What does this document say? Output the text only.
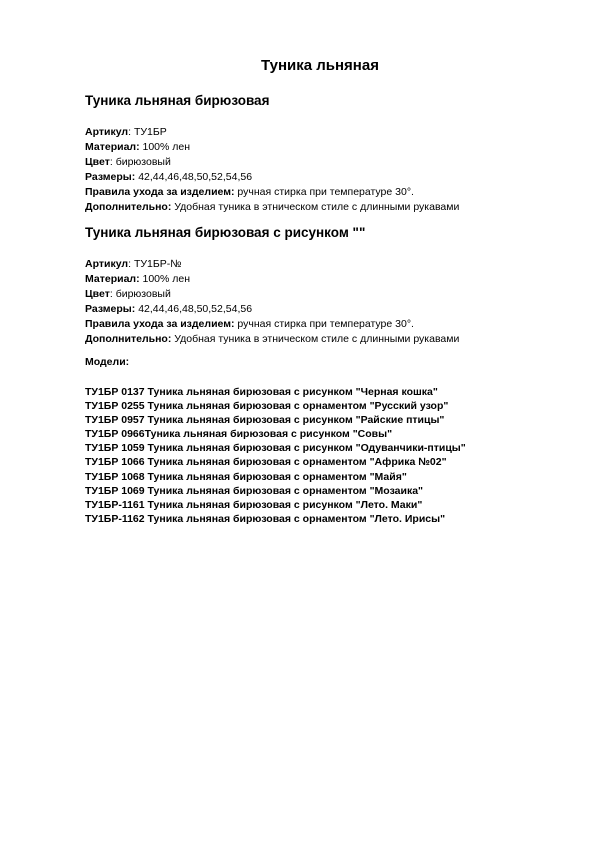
Туника льняная
Туника льняная бирюзовая
Артикул: ТУ1БР
Материал: 100% лен
Цвет: бирюзовый
Размеры: 42,44,46,48,50,52,54,56
Правила ухода за изделием: ручная стирка при температуре 30°.
Дополнительно: Удобная туника в этническом стиле с длинными рукавами
Туника льняная бирюзовая с рисунком ""
Артикул: ТУ1БР-№
Материал: 100% лен
Цвет: бирюзовый
Размеры: 42,44,46,48,50,52,54,56
Правила ухода за изделием: ручная стирка при температуре 30°.
Дополнительно: Удобная туника в этническом стиле с длинными рукавами
Модели:
ТУ1БР 0137 Туника льняная бирюзовая с рисунком "Черная кошка"
ТУ1БР 0255 Туника льняная бирюзовая с орнаментом "Русский узор"
ТУ1БР 0957 Туника льняная бирюзовая с рисунком "Райские птицы"
ТУ1БР 0966Туника льняная бирюзовая с рисунком "Совы"
ТУ1БР 1059 Туника льняная бирюзовая с рисунком "Одуванчики-птицы"
ТУ1БР 1066 Туника льняная бирюзовая с орнаментом "Африка №02"
ТУ1БР 1068 Туника льняная бирюзовая с орнаментом "Майя"
ТУ1БР 1069 Туника льняная бирюзовая с орнаментом "Мозаика"
ТУ1БР-1161 Туника льняная бирюзовая с рисунком "Лето. Маки"
ТУ1БР-1162 Туника льняная бирюзовая с орнаментом "Лето. Ирисы"
